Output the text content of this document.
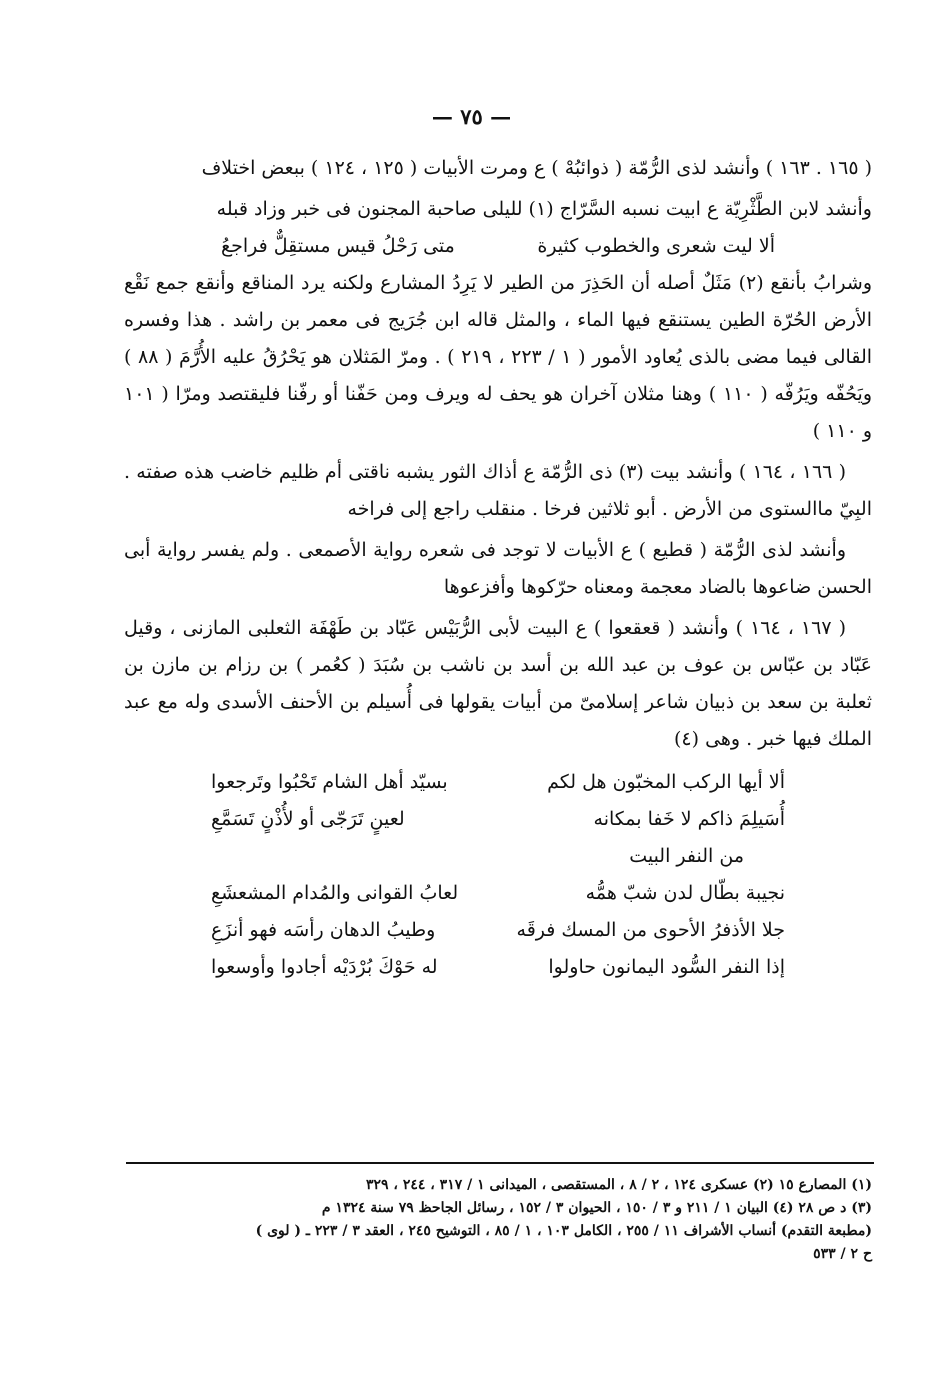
— ٧٥ —

( ١٦٥ . ١٦٣ ) وأنشد لذى الرُّمّة ( ذوائبُهْ ) ع ومرت الأبيات ( ١٢٥ ، ١٢٤ ) ببعض اختلاف

وأنشد لابن الطَّثْرِيّة ع ابيت نسبه السَّرّاج (١) لليلى صاحبة المجنون فى خبر وزاد قبله

ألا ليت شعرى والخطوب كثيرة
متى رَحْلُ قيس مستقِلٌّ فراجعُ

وشرابُ بأنقع (٢) مَثَلٌ أصله أن الحَذِرَ من الطير لا يَرِدُ المشارع ولكنه يرد المناقع وأنقع جمع نَقْع الأرض الحُرّة الطين يستنقع فيها الماء ، والمثل قاله ابن جُرَيج فى معمر بن راشد . هذا وفسره القالى فيما مضى بالذى يُعاود الأمور ( ١ / ٢٢٣ ، ٢١٩ ) . ومرّ المَثلان هو يَحْرُقُ عليه الأُرَّمَ ( ٨٨ ) ويَحُفّه ويَرُفّه ( ١١٠ ) وهنا مثلان آخران هو يحف له ويرف ومن حَفّنا أو رفّنا فليقتصد ومرّا ( ١٠١ و ١١٠ )

( ١٦٦ ، ١٦٤ ) وأنشد بيت (٣) ذى الرُّمّة ع أذاك الثور يشبه ناقتى أم ظليم خاضب هذه صفته . البِيّ ماالستوى من الأرض . أبو ثلاثين فرخا . منقلب راجع إلى فراخه

وأنشد لذى الرُّمّة ( قطيع ) ع الأبيات لا توجد فى شعره رواية الأصمعى . ولم يفسر رواية أبى الحسن ضاعوها بالضاد معجمة ومعناه حرّكوها وأفزعوها

( ١٦٧ ، ١٦٤ ) وأنشد ( قعقعوا ) ع البيت لأبى الرُّبَيْس عَبّاد بن طَهْفَة الثعلبى المازنى ، وقيل عَبّاد بن عبّاس بن عوف بن عبد الله بن أسد بن ناشب بن سُبَدَ ( كعُمر ) بن رزام بن مازن بن ثعلبة بن سعد بن ذبيان شاعر إسلامىّ من أبيات يقولها فى أُسيلم بن الأحنف الأسدى وله مع عبد الملك فيها خبر . وهى (٤)

ألا أيها الركب المخبّون هل لكم
بسيّد أهل الشام تَحْبُوا وتَرجعوا
أُسَيلِمَ ذاكم لا خَفا بمكانه
لعينٍ تَرَجّى أو لأُذْنٍ تَسَمَّعِ

من النفر البيت

نجيبة بطّال لدن شبّ همُّه
لعابُ القوانى والمُدام المشعشَعِ
جلا الأذفرُ الأحوى من المسك فرقَه
وطيبُ الدهان رأسَه فهو أنزَعِ
إذا النفر السُّود اليمانون حاولوا
له حَوْكَ بُرْدَيْه أجادوا وأوسعوا

(١) المصارع ١٥ (٢) عسكرى ١٢٤ ، ٢ / ٨ ، المستقصى ، الميدانى ١ / ٣١٧ ، ٢٤٤ ، ٣٢٩

(٣) د ص ٢٨ (٤) البيان ١ / ٢١١ و ٣ / ١٥٠ ، الحيوان ٣ / ١٥٢ ، رسائل الجاحظ ٧٩ سنة ١٣٢٤ م

(مطبعة التقدم) أنساب الأشراف ١١ / ٢٥٥ ، الكامل ١٠٣ ، ١ / ٨٥ ، التوشيح ٢٤٥ ، العقد ٣ / ٢٢٣ ـ ( لوى )

ح ٢ / ٥٣٣
